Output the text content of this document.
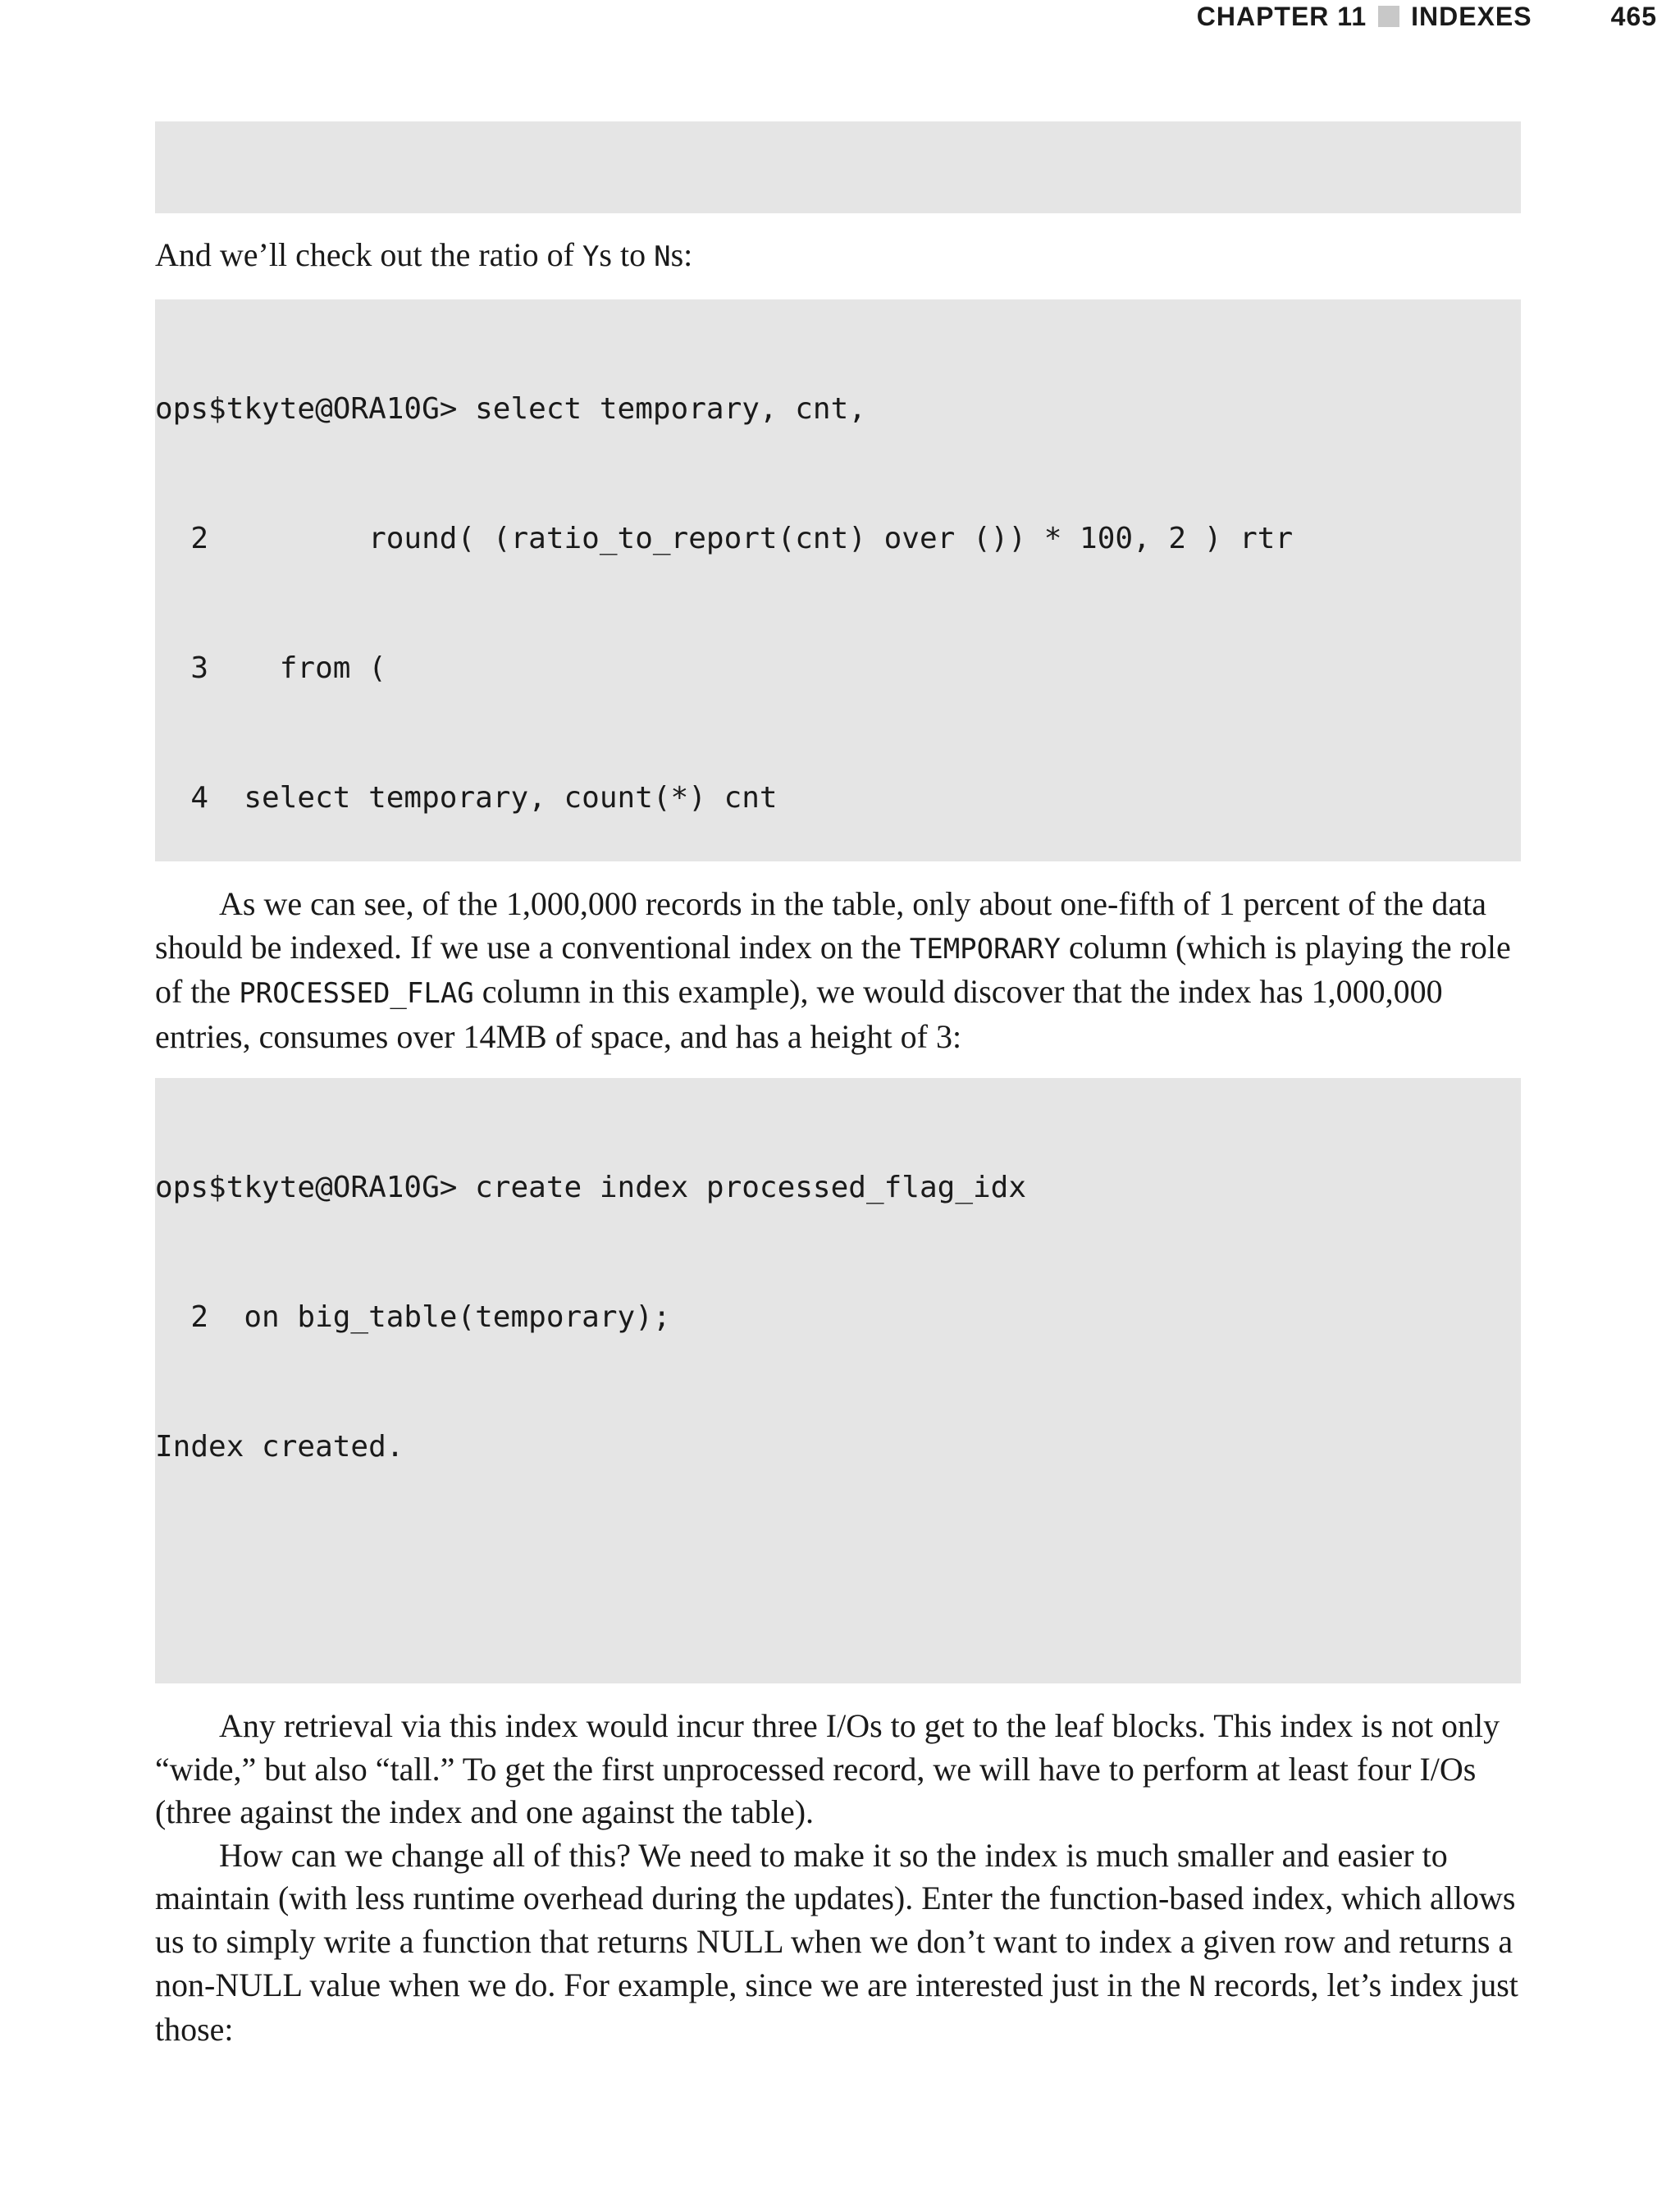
CHAPTER 11 INDEXES	465

And we’ll check out the ratio of Ys to Ns:

ops$tkyte@ORA10G> select temporary, cnt,

2         round( (ratio_to_report(cnt) over ()) * 100, 2 ) rtr

3    from (

4  select temporary, count(*) cnt

As we can see, of the 1,000,000 records in the table, only about one-fifth of 1 percent of the data should be indexed. If we use a conventional index on the TEMPORARY column (which is playing the role of the PROCESSED_FLAG column in this example), we would discover that the index has 1,000,000 entries, consumes over 14MB of space, and has a height of 3:

ops$tkyte@ORA10G> create index processed_flag_idx

2  on big_table(temporary);

Index created.

Any retrieval via this index would incur three I/Os to get to the leaf blocks. This index is not only “wide,” but also “tall.” To get the first unprocessed record, we will have to perform at least four I/Os (three against the index and one against the table).

How can we change all of this? We need to make it so the index is much smaller and easier to maintain (with less runtime overhead during the updates). Enter the function-based index, which allows us to simply write a function that returns NULL when we don’t want to index a given row and returns a non-NULL value when we do. For example, since we are interested just in the N records, let’s index just those:
